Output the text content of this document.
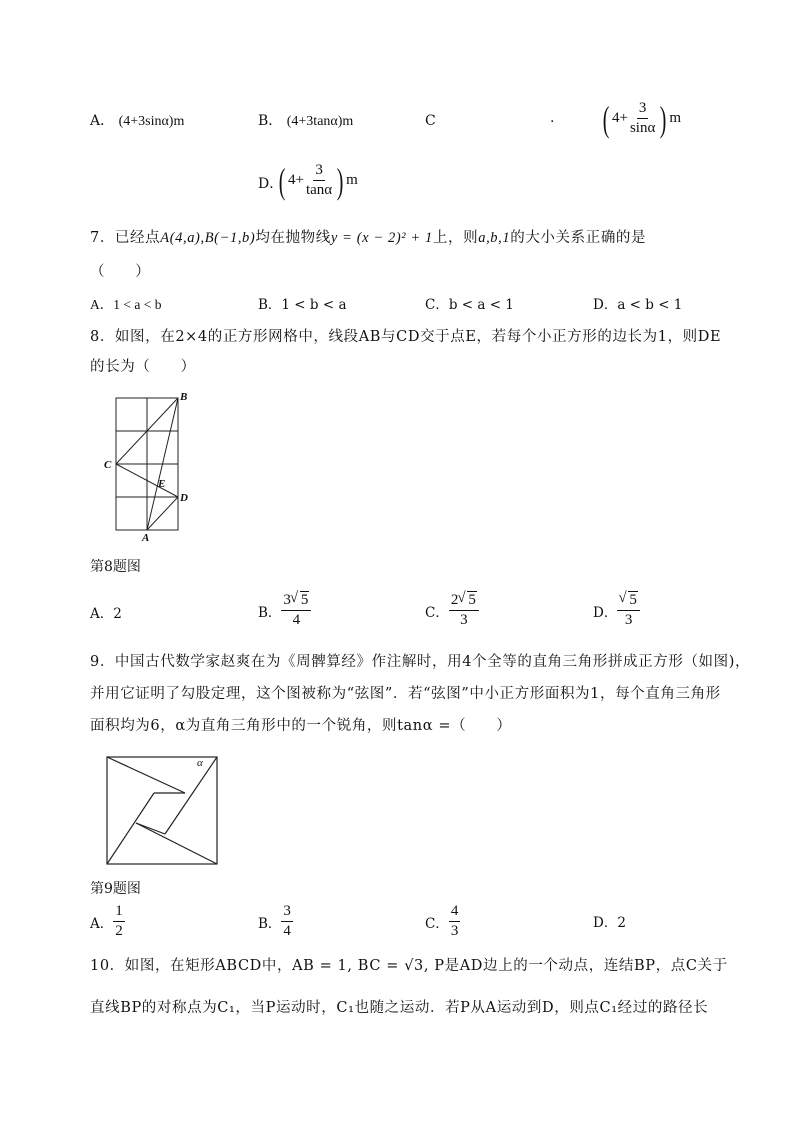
A． (4+3sinα)m	B． (4+3tanα)m	C	. ( $4+ \frac{3}{\sin\alpha}$ ) m
D．
( $4+ \frac{3}{\tan\alpha}$ ) m
7．已经点A(4,a),B(−1,b)均在抛物线y = (x − 2)² + 1上，则a,b,1的大小关系正确的是
（　　）
A．1 < a < b	B．1 < b < a	C．b < a < 1	D．a < b < 1
8．如图，在2×4的正方形网格中，线段AB与CD交于点E，若每个小正方形的边长为1，则DE
的长为（　　）
B
C
D
E
A
第8题图
A．2	B． $\frac{3 √ 5}{4}$	C． $\frac{2 √ 5}{3}$	D． √ $\frac{5}{3}$
9．中国古代数学家赵爽在为《周髀算经》作注解时，用4个全等的直角三角形拼成正方形（如图)，
并用它证明了勾股定理，这个图被称为“弦图”．若“弦图”中小正方形面积为1，每个直角三角形
面积均为6，α为直角三角形中的一个锐角，则tanα =（　　）
α
第9题图
A． $\frac{1}{2}$	B． $\frac{3}{4}$	C． $\frac{4}{3}$	D．2
10．如图，在矩形ABCD中，AB = 1, BC = √3, P是AD边上的一个动点，连结BP，点C关于
直线BP的对称点为C₁，当P运动时，C₁也随之运动．若P从A运动到D，则点C₁经过的路径长
